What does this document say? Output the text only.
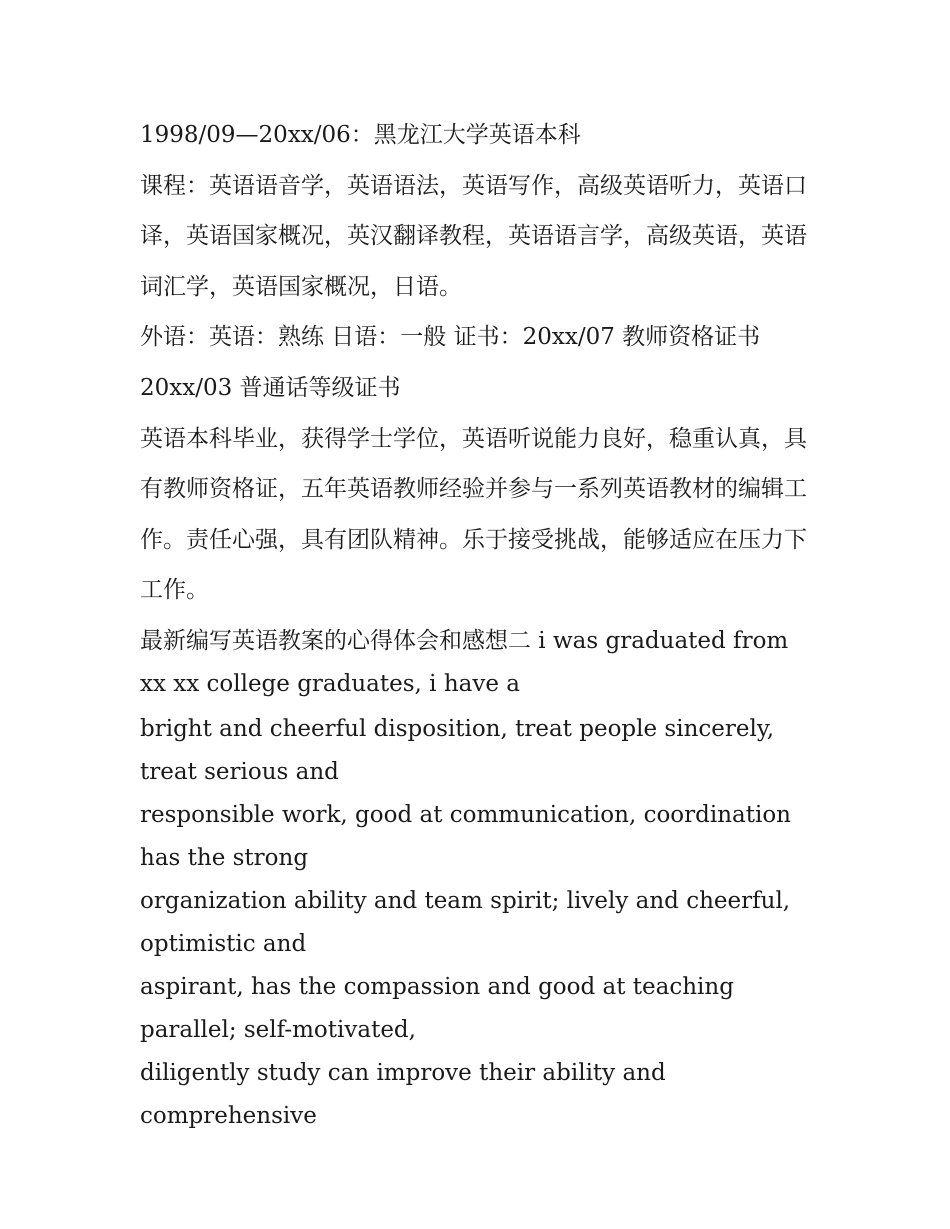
1998/09—20xx/06：黑龙江大学英语本科

课程：英语语音学，英语语法，英语写作，高级英语听力，英语口译，英语国家概况，英汉翻译教程，英语语言学，高级英语，英语词汇学，英语国家概况，日语。

外语：英语：熟练 日语：一般 证书：20xx/07 教师资格证书

20xx/03 普通话等级证书

英语本科毕业，获得学士学位，英语听说能力良好，稳重认真，具有教师资格证，五年英语教师经验并参与一系列英语教材的编辑工作。责任心强，具有团队精神。乐于接受挑战，能够适应在压力下工作。

最新编写英语教案的心得体会和感想二 i was graduated from xx xx college graduates, i have a

bright and cheerful disposition, treat people sincerely, treat serious and

responsible work, good at communication, coordination has the strong

organization ability and team spirit; lively and cheerful, optimistic and

aspirant, has the compassion and good at teaching parallel; self-motivated,

diligently study can improve their ability and comprehensive
